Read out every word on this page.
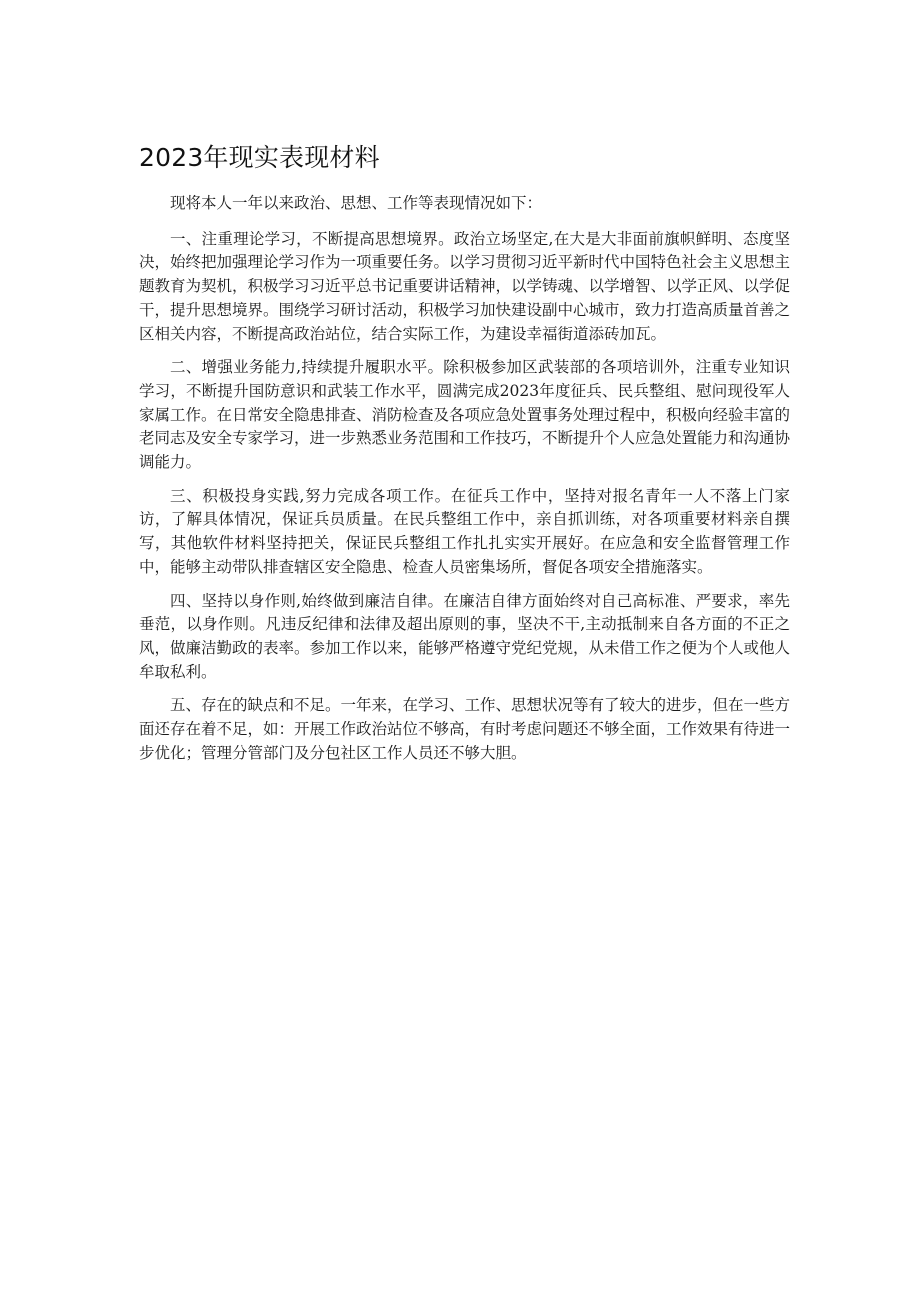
2023年现实表现材料

现将本人一年以来政治、思想、工作等表现情况如下：

一、注重理论学习，不断提高思想境界。政治立场坚定,在大是大非面前旗帜鲜明、态度坚决，始终把加强理论学习作为一项重要任务。以学习贯彻习近平新时代中国特色社会主义思想主题教育为契机，积极学习习近平总书记重要讲话精神，以学铸魂、以学增智、以学正风、以学促干，提升思想境界。围绕学习研讨活动，积极学习加快建设副中心城市，致力打造高质量首善之区相关内容，不断提高政治站位，结合实际工作，为建设幸福街道添砖加瓦。

二、增强业务能力,持续提升履职水平。除积极参加区武装部的各项培训外，注重专业知识学习，不断提升国防意识和武装工作水平，圆满完成2023年度征兵、民兵整组、慰问现役军人家属工作。在日常安全隐患排查、消防检查及各项应急处置事务处理过程中，积极向经验丰富的老同志及安全专家学习，进一步熟悉业务范围和工作技巧，不断提升个人应急处置能力和沟通协调能力。

三、积极投身实践,努力完成各项工作。在征兵工作中，坚持对报名青年一人不落上门家访，了解具体情况，保证兵员质量。在民兵整组工作中，亲自抓训练，对各项重要材料亲自撰写，其他软件材料坚持把关，保证民兵整组工作扎扎实实开展好。在应急和安全监督管理工作中，能够主动带队排查辖区安全隐患、检查人员密集场所，督促各项安全措施落实。

四、坚持以身作则,始终做到廉洁自律。在廉洁自律方面始终对自己高标准、严要求，率先垂范，以身作则。凡违反纪律和法律及超出原则的事，坚决不干,主动抵制来自各方面的不正之风，做廉洁勤政的表率。参加工作以来，能够严格遵守党纪党规，从未借工作之便为个人或他人牟取私利。

五、存在的缺点和不足。一年来，在学习、工作、思想状况等有了较大的进步，但在一些方面还存在着不足，如：开展工作政治站位不够高，有时考虑问题还不够全面，工作效果有待进一步优化；管理分管部门及分包社区工作人员还不够大胆。
